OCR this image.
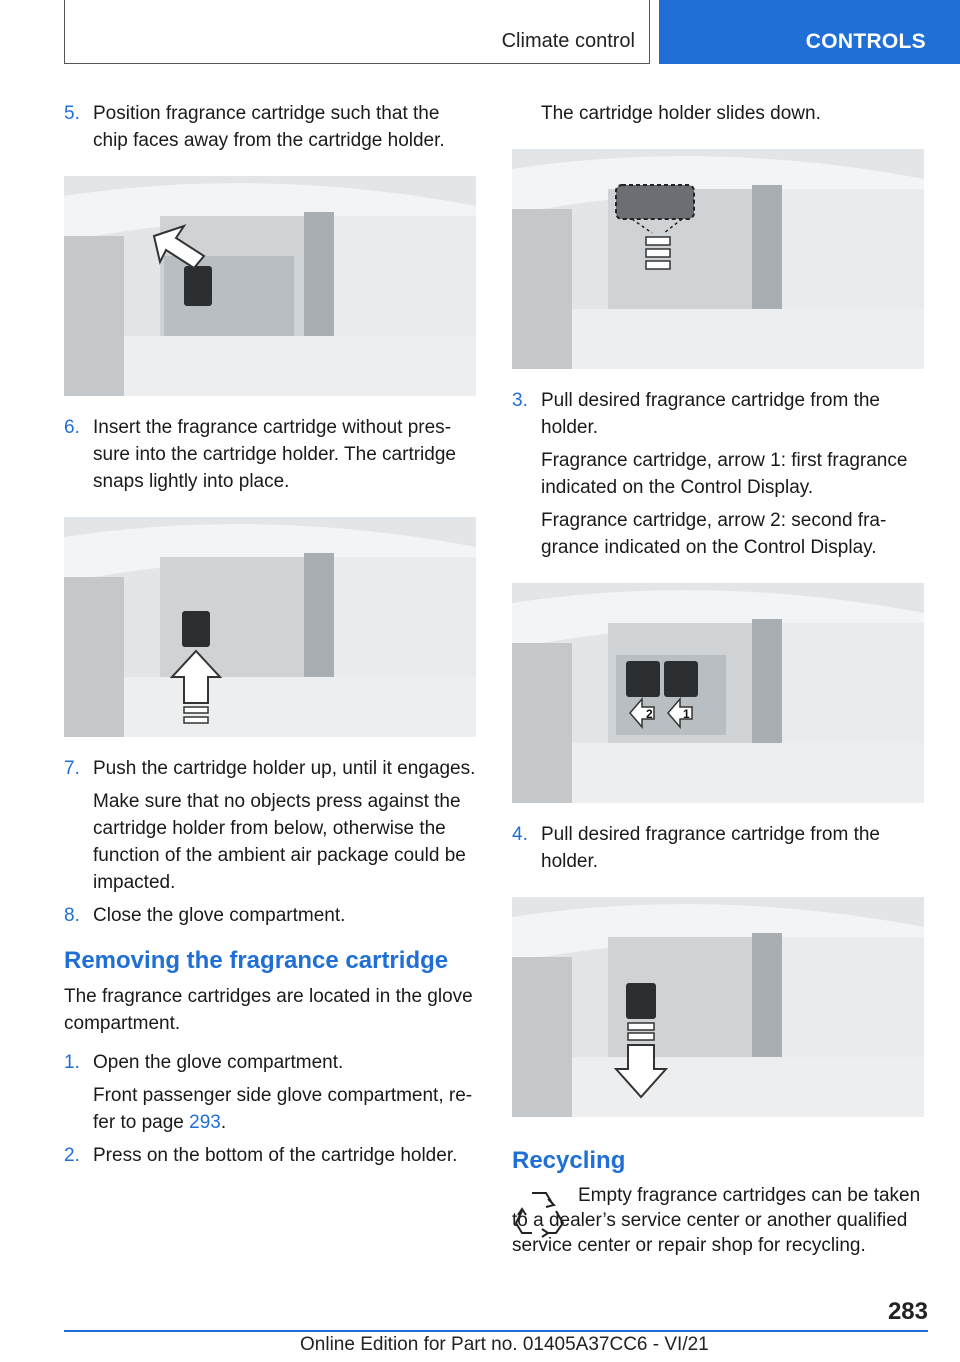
Climate control	CONTROLS
5. Position fragrance cartridge such that the chip faces away from the cartridge holder.
6. Insert the fragrance cartridge without pressure into the cartridge holder. The cartridge snaps lightly into place.
7. Push the cartridge holder up, until it engages.
Make sure that no objects press against the cartridge holder from below, otherwise the function of the ambient air package could be impacted.
8. Close the glove compartment.
Removing the fragrance cartridge
The fragrance cartridges are located in the glove compartment.
1. Open the glove compartment.
Front passenger side glove compartment, refer to page 293.
2. Press on the bottom of the cartridge holder.
The cartridge holder slides down.
3. Pull desired fragrance cartridge from the holder.
Fragrance cartridge, arrow 1: first fragrance indicated on the Control Display.
Fragrance cartridge, arrow 2: second fragrance indicated on the Control Display.
2	1
4. Pull desired fragrance cartridge from the holder.
Recycling
Empty fragrance cartridges can be taken to a dealer’s service center or another qualified service center or repair shop for recycling.
283
Online Edition for Part no. 01405A37CC6 - VI/21
